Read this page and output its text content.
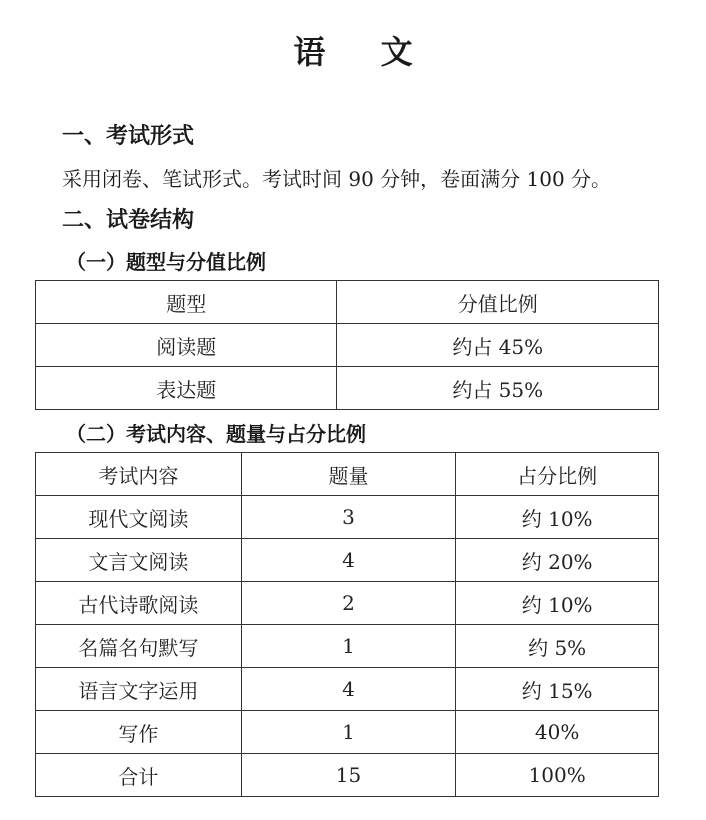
语 文
一、考试形式
采用闭卷、笔试形式。考试时间 90 分钟，卷面满分 100 分。
二、试卷结构
（一）题型与分值比例
题型	分值比例
阅读题	约占 45%
表达题	约占 55%
（二）考试内容、题量与占分比例
考试内容	题量	占分比例
现代文阅读	3	约 10%
文言文阅读	4	约 20%
古代诗歌阅读	2	约 10%
名篇名句默写	1	约 5%
语言文字运用	4	约 15%
写作	1	40%
合计	15	100%
